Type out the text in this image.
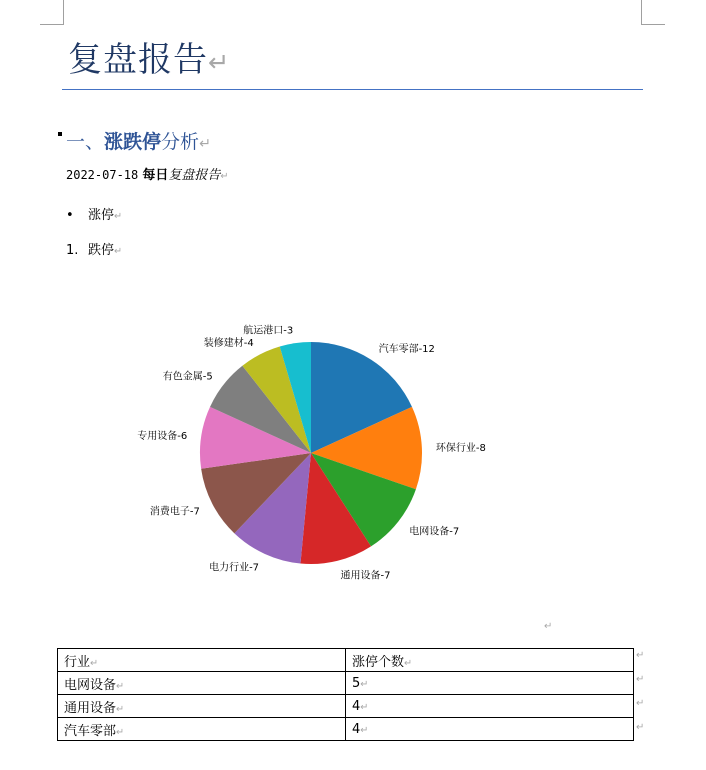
复盘报告↵
一、涨跌停分析↵
2022-07-18 每日复盘报告↵
• 涨停↵
1. 跌停↵
汽车零部-12
环保行业-8
电网设备-7
通用设备-7
电力行业-7
消费电子-7
专用设备-6
有色金属-5
装修建材-4
航运港口-3
↵
行业↵	涨停个数↵
电网设备↵	5↵
通用设备↵	4↵
汽车零部↵	4↵
↵
↵
↵
↵
